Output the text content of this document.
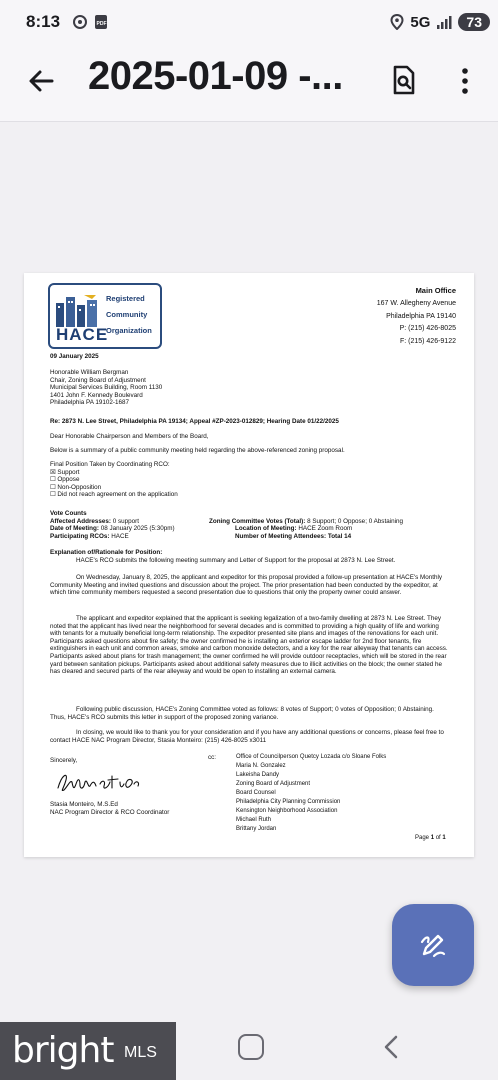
8:13	PDF	5G	73
2025-01-09 -...
HACE
Registered
Community
Organization
Main Office
167 W. Allegheny Avenue
Philadelphia PA 19140
P: (215) 426-8025
F: (215) 426-9122
09 January 2025
Honorable William Bergman
Chair, Zoning Board of Adjustment
Municipal Services Building, Room 1130
1401 John F. Kennedy Boulevard
Philadelphia PA 19102-1687
Re: 2873 N. Lee Street, Philadelphia PA 19134; Appeal #ZP-2023-012829; Hearing Date 01/22/2025
Dear Honorable Chairperson and Members of the Board,
Below is a summary of a public community meeting held regarding the above-referenced zoning proposal.
Final Position Taken by Coordinating RCO:
☒ Support
☐ Oppose
☐ Non-Opposition
☐ Did not reach agreement on the application
Vote Counts
Affected Addresses: 0 support	Zoning Committee Votes (Total): 8 Support; 0 Oppose; 0 Abstaining
Date of Meeting: 08 January 2025 (5:30pm)	Location of Meeting: HACE Zoom Room
Participating RCOs: HACE	Number of Meeting Attendees: Total 14
Explanation of/Rationale for Position:
HACE's RCO submits the following meeting summary and Letter of Support for the proposal at 2873 N. Lee Street.
On Wednesday, January 8, 2025, the applicant and expeditor for this proposal provided a follow-up presentation at HACE's Monthly Community Meeting and invited questions and discussion about the project. The prior presentation had been conducted by the expeditor, at which time community members requested a second presentation due to questions that only the property owner could answer.
The applicant and expeditor explained that the applicant is seeking legalization of a two-family dwelling at 2873 N. Lee Street. They noted that the applicant has lived near the neighborhood for several decades and is committed to providing a high quality of life and working with tenants for a mutually beneficial long-term relationship. The expeditor presented site plans and images of the renovations for each unit. Participants asked questions about fire safety; the owner confirmed he is installing an exterior escape ladder for 2nd floor tenants, fire extinguishers in each unit and common areas, smoke and carbon monoxide detectors, and a key for the rear alleyway that tenants can access. Participants asked about plans for trash management; the owner confirmed he will provide outdoor receptacles, which will be stored in the rear yard between sanitation pickups. Participants asked about additional safety measures due to illicit activities on the block; the owner stated he has cleared and secured parts of the rear alleyway and would be open to installing an external camera.
Following public discussion, HACE's Zoning Committee voted as follows: 8 votes of Support; 0 votes of Opposition; 0 Abstaining. Thus, HACE's RCO submits this letter in support of the proposed zoning variance.
In closing, we would like to thank you for your consideration and if you have any additional questions or concerns, please feel free to contact HACE NAC Program Director, Stasia Monteiro: (215) 426-8025 x3011
Sincerely,
Stasia Monteiro, M.S.Ed
NAC Program Director & RCO Coordinator
cc:	Office of Councilperson Quetcy Lozada c/o Sloane Folks
Maria N. Gonzalez
Lakeisha Dandy
Zoning Board of Adjustment
Board Counsel
Philadelphia City Planning Commission
Kensington Neighborhood Association
Michael Ruth
Brittany Jordan
Page 1 of 1
bright MLS
